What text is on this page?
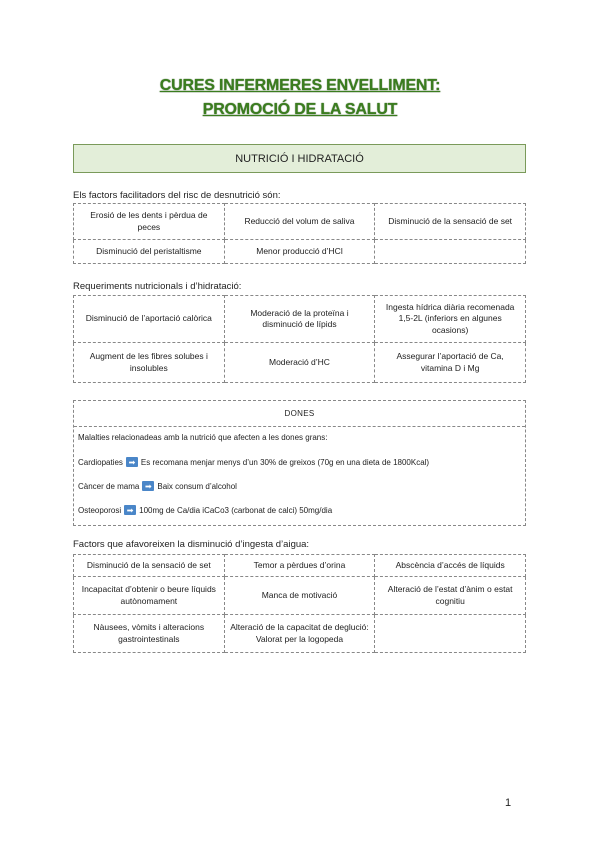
CURES INFERMERES ENVELLIMENT:
PROMOCIÓ DE LA SALUT
NUTRICIÓ I HIDRATACIÓ
Els factors facilitadors del risc de desnutrició són:
Erosió de les dents i pèrdua de peces	Reducció del volum de saliva	Disminució de la sensació de set
Disminució del peristaltisme	Menor producció d’HCl	
Requeriments nutricionals i d’hidratació:
Disminució de l’aportació calòrica	Moderació de la proteïna i disminució de lípids	Ingesta hídrica diària recomenada 1,5-2L (inferiors en algunes ocasions)
Augment de les fibres solubes i insolubles	Moderació d’HC	Assegurar l’aportació de Ca, vitamina D i Mg
DONES
Malalties relacionadeas amb la nutrició que afecten a les dones grans:
Cardiopaties ➡ Es recomana menjar menys d’un 30% de greixos (70g en una dieta de 1800Kcal)
Càncer de mama ➡ Baix consum d’alcohol
Osteoporosi ➡ 100mg de Ca/dia iCaCo3 (carbonat de calci) 50mg/dia
Factors que afavoreixen la disminució d’ingesta d’aigua:
Disminució de la sensació de set	Temor a pèrdues d’orina	Abscència d’accés de líquids
Incapacitat d’obtenir o beure líquids autònomament	Manca de motivació	Alteració de l’estat d’ànim o estat cognitiu
Nàusees, vòmits i alteracions gastrointestinals	Alteració de la capacitat de deglució: Valorat per la logopeda	
1
